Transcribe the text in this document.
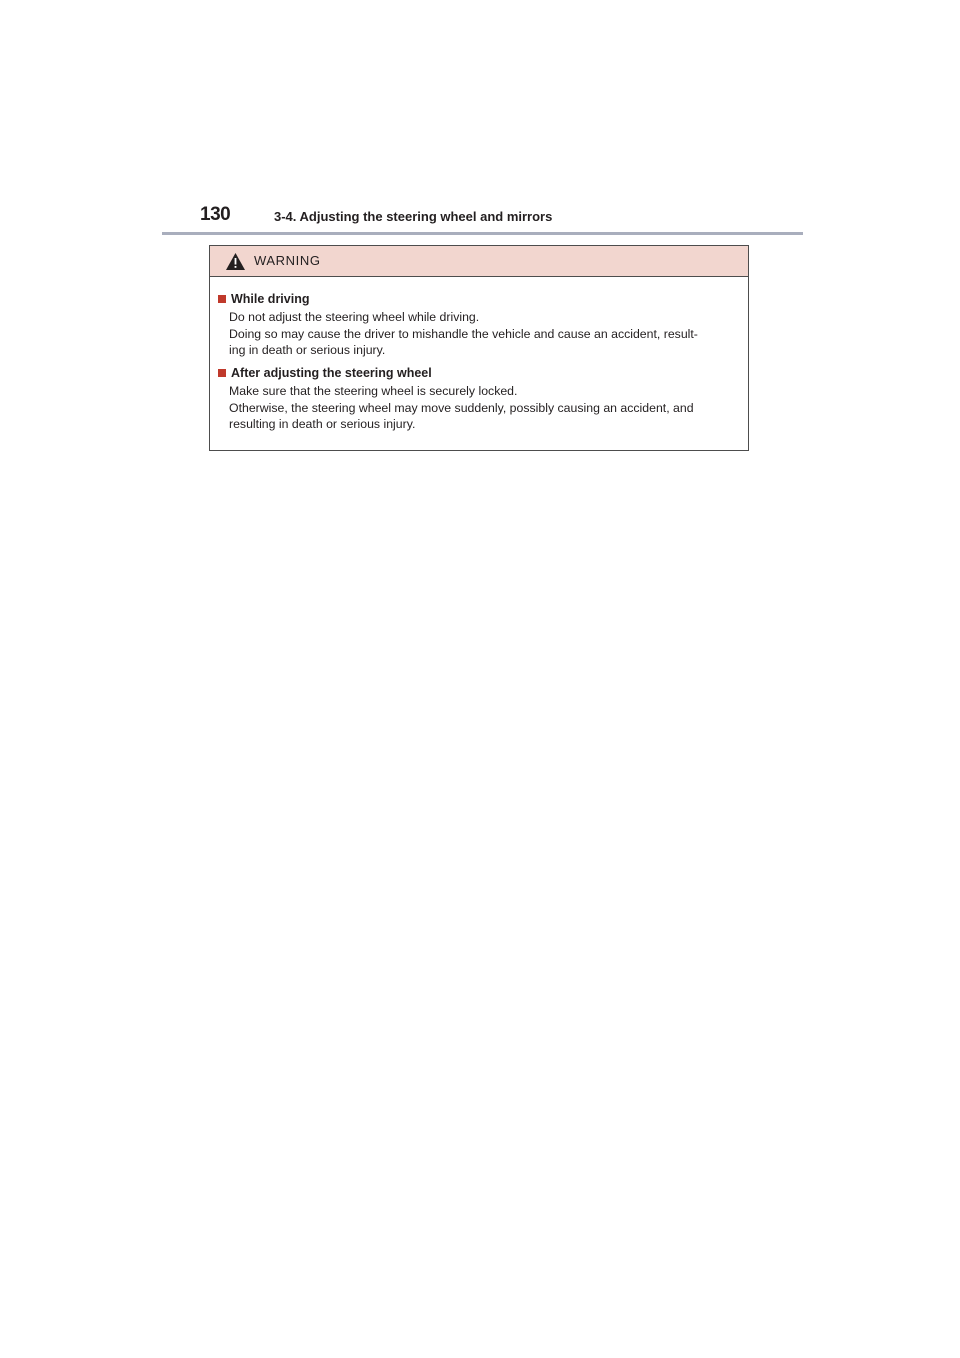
130	3-4. Adjusting the steering wheel and mirrors
WARNING
While driving

Do not adjust the steering wheel while driving.

Doing so may cause the driver to mishandle the vehicle and cause an accident, result-

ing in death or serious injury.

After adjusting the steering wheel

Make sure that the steering wheel is securely locked.

Otherwise, the steering wheel may move suddenly, possibly causing an accident, and

resulting in death or serious injury.
